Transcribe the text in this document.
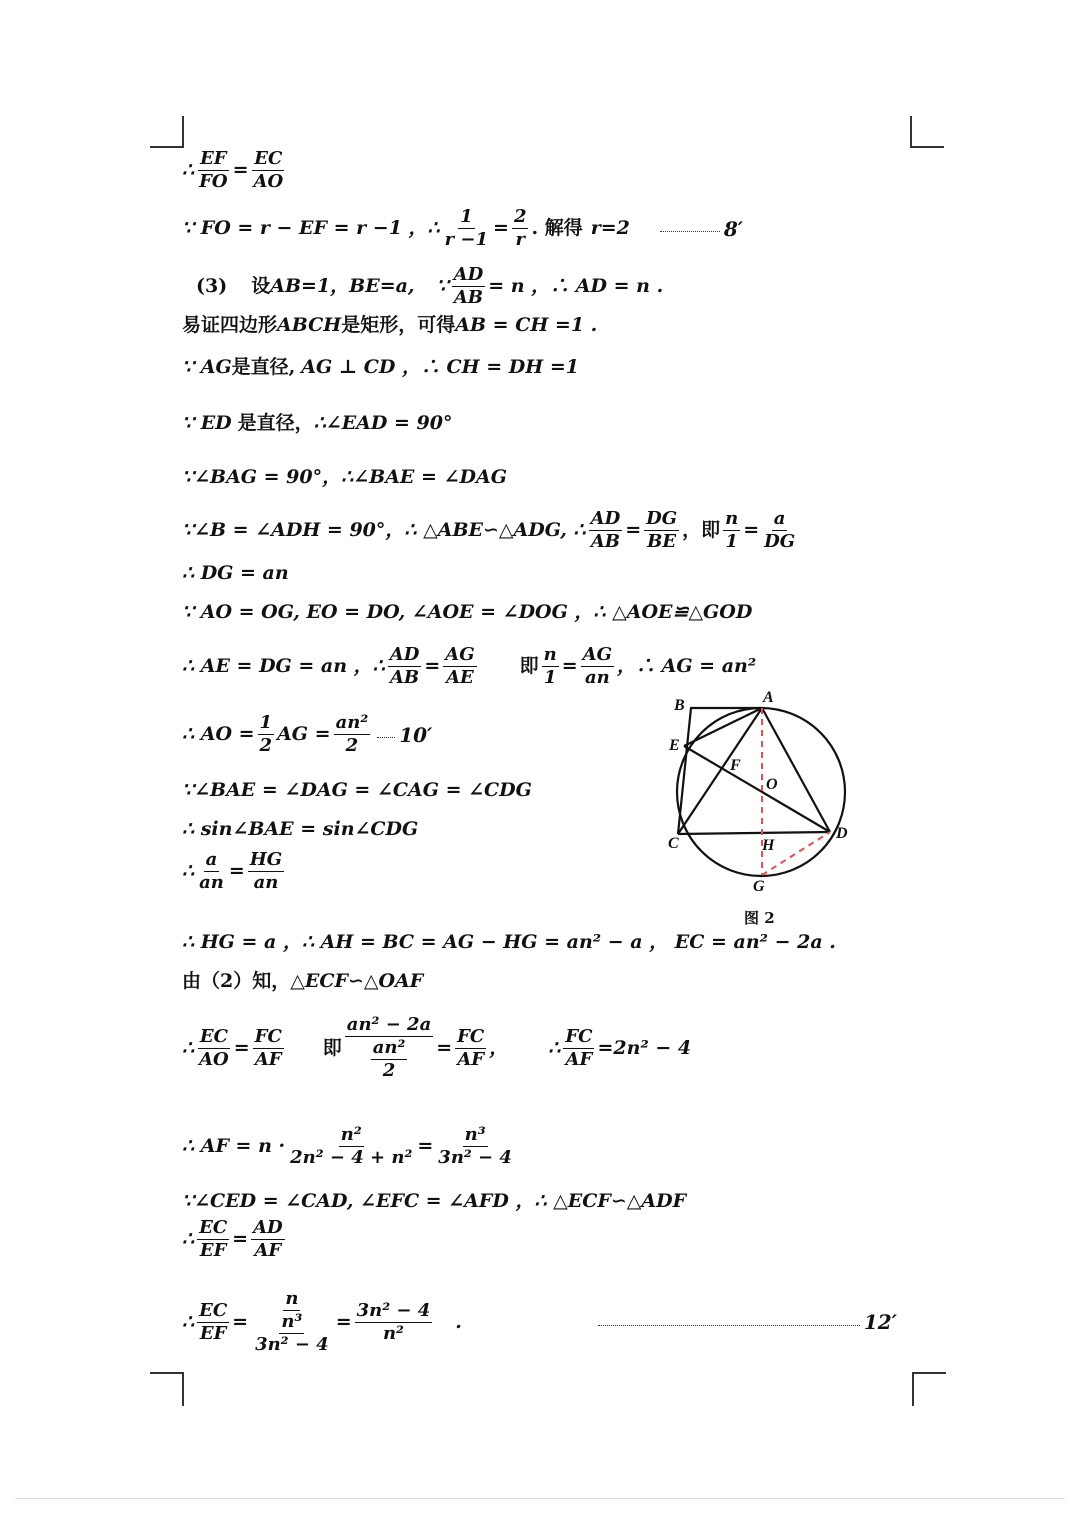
∴ $\frac{EF}{FO} = \frac{EC}{AO}$
∵ FO = r − EF = r −1 ，∴ $\frac{1}{r -1} = \frac{2}{r}$ . 解得 r=2	8′
(3) 设 AB=1，BE=a, ∵ $\frac{AD}{AB} = n$ ，∴ AD = n .
易证四边形 ABCH 是矩形，可得 AB = CH =1 .
∵ AG 是直径, AG ⊥ CD ，∴ CH = DH =1
∵ ED 是直径， ∴∠EAD = 90°
∵∠BAG = 90°，∴∠BAE = ∠DAG
∵∠B = ∠ADH = 90°，∴ △ABE∽△ADG, ∴ $\frac{AD}{AB} = \frac{DG}{BE}$ ，即 $\frac{n}{1} = \frac{a}{DG}$
∴ DG = an
∵ AO = OG, EO = DO, ∠AOE = ∠DOG ，∴ △AOE≌△GOD
∴ AE = DG = an ，∴ $\frac{AD}{AB} = \frac{AG}{AE}$ 即 $\frac{n}{1} = \frac{AG}{an}$ ，∴ AG = an²
∴ AO = $\frac{1}{2}$ AG = $\frac{\text{an²}}{2} 10'$
∵∠BAE = ∠DAG = ∠CAG = ∠CDG
∴ sin∠BAE = sin∠CDG
∴ $\frac{a}{an} = \frac{HG}{an}$
∴ HG = a ，∴ AH = BC = AG − HG = an² − a ， EC = an² − 2a .
由（2）知， △ECF∽△OAF
∴ $\frac{EC}{AO} = \frac{FC}{AF}$ 即 $\frac{\text{an² − 2a}}{\frac{\text{an²}}{2}} = \frac{FC}{AF}$ ， ∴ $\frac{FC}{AF} = 2n^2 - 4$
∴ AF = $n \cdot \frac{\text{n²}}{\text{2n² − 4 + n²}} = \frac{\text{n³}}{\text{3n² − 4}}$
∵∠CED = ∠CAD, ∠EFC = ∠AFD ，∴ △ECF∽△ADF
∴ $\frac{EC}{EF} = \frac{AD}{AF}$
∴ $\frac{EC}{EF} = \frac{n}{\frac{\text{n³}}{\text{3n² − 4}}} = \frac{\text{3n² − 4}}{\text{n²}}$ .	12′
A
B
E
F
O
C	H
D
G
图 2
